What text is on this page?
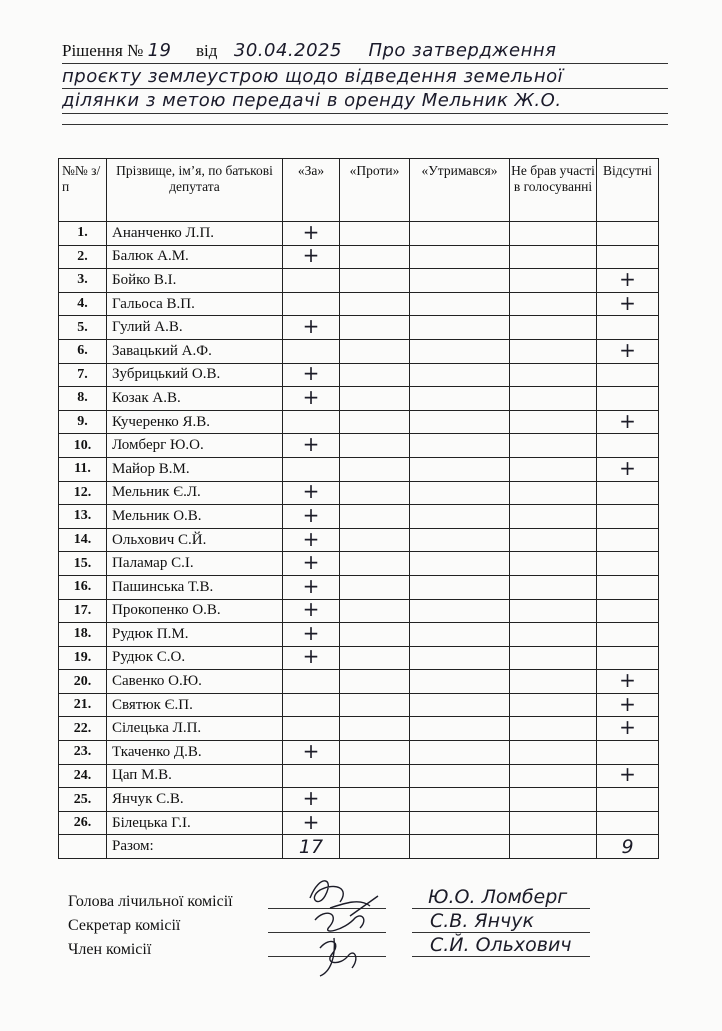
Рішення № 19 від 30.04.2025 Про затвердження
проєкту землеустрою щодо відведення земельної
ділянки з метою передачі в оренду Мельник Ж.О.
№№ з/п	Прізвище, ім’я, по батькові депутата	«За»	«Проти»	«Утримався»	Не брав участі в голосуванні	Відсутні
1.	Ананченко Л.П.	+				
2.	Балюк А.М.	+				
3.	Бойко В.І.					+
4.	Гальоса В.П.					+
5.	Гулий А.В.	+				
6.	Завацький А.Ф.					+
7.	Зубрицький О.В.	+				
8.	Козак А.В.	+				
9.	Кучеренко Я.В.					+
10.	Ломберг Ю.О.	+				
11.	Майор В.М.					+
12.	Мельник Є.Л.	+				
13.	Мельник О.В.	+				
14.	Ольхович С.Й.	+				
15.	Паламар С.І.	+				
16.	Пашинська Т.В.	+				
17.	Прокопенко О.В.	+				
18.	Рудюк П.М.	+				
19.	Рудюк С.О.	+				
20.	Савенко О.Ю.					+
21.	Святюк Є.П.					+
22.	Сілецька Л.П.					+
23.	Ткаченко Д.В.	+				
24.	Цап М.В.					+
25.	Янчук С.В.	+				
26.	Білецька Г.І.	+				
	Разом:	17				9
Голова лічильної комісії
Секретар комісії
Член комісії
Ю.О. Ломберг
С.В. Янчук
С.Й. Ольхович
